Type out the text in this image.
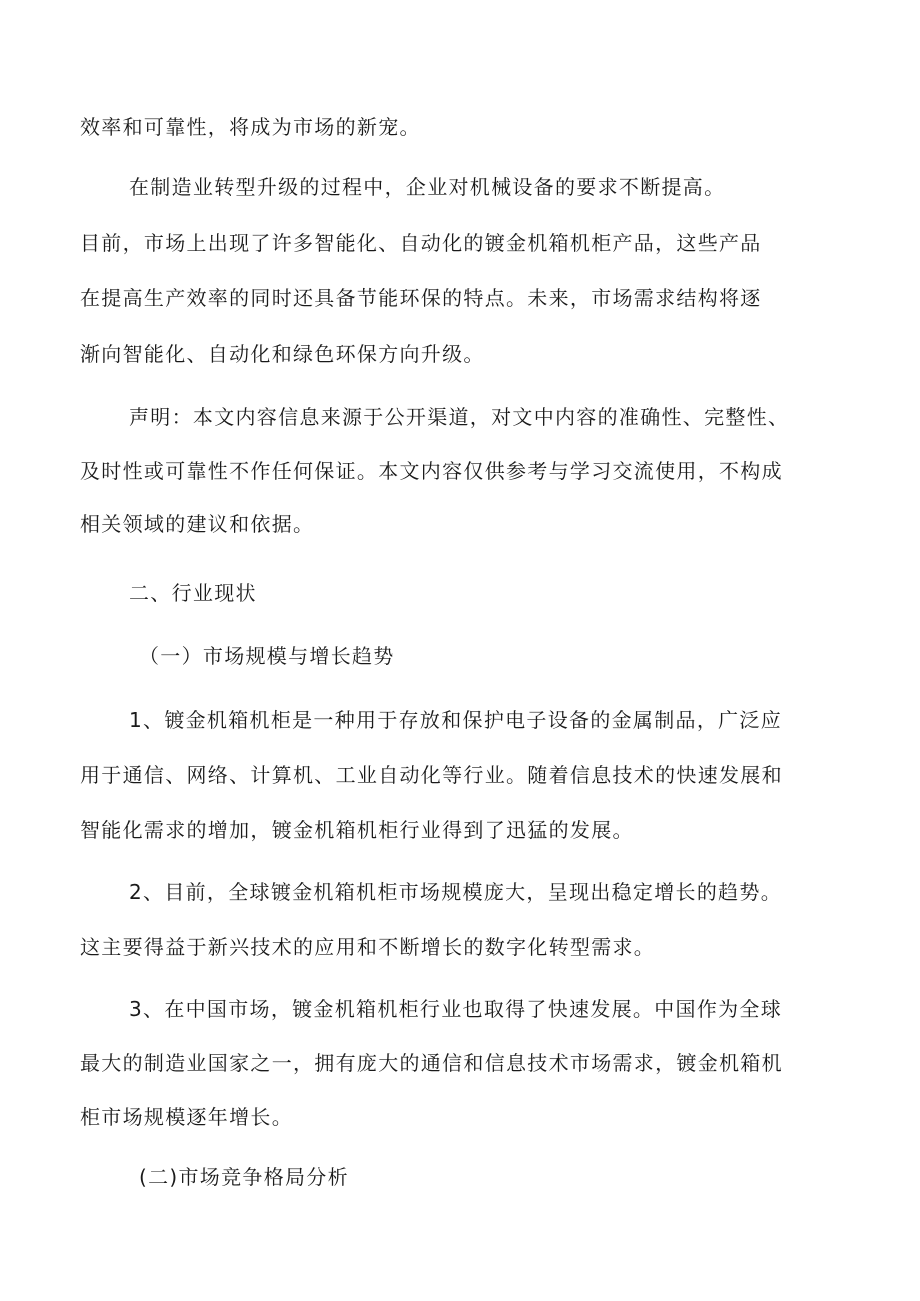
效率和可靠性，将成为市场的新宠。
在制造业转型升级的过程中，企业对机械设备的要求不断提高。
目前，市场上出现了许多智能化、自动化的镀金机箱机柜产品，这些产品
在提高生产效率的同时还具备节能环保的特点。未来，市场需求结构将逐
渐向智能化、自动化和绿色环保方向升级。
声明：本文内容信息来源于公开渠道，对文中内容的准确性、完整性、
及时性或可靠性不作任何保证。本文内容仅供参考与学习交流使用，不构成
相关领域的建议和依据。
二、行业现状
（一）市场规模与增长趋势
1、镀金机箱机柜是一种用于存放和保护电子设备的金属制品，广泛应
用于通信、网络、计算机、工业自动化等行业。随着信息技术的快速发展和
智能化需求的增加，镀金机箱机柜行业得到了迅猛的发展。
2、目前，全球镀金机箱机柜市场规模庞大，呈现出稳定增长的趋势。
这主要得益于新兴技术的应用和不断增长的数字化转型需求。
3、在中国市场，镀金机箱机柜行业也取得了快速发展。中国作为全球
最大的制造业国家之一，拥有庞大的通信和信息技术市场需求，镀金机箱机
柜市场规模逐年增长。
(二)市场竞争格局分析
